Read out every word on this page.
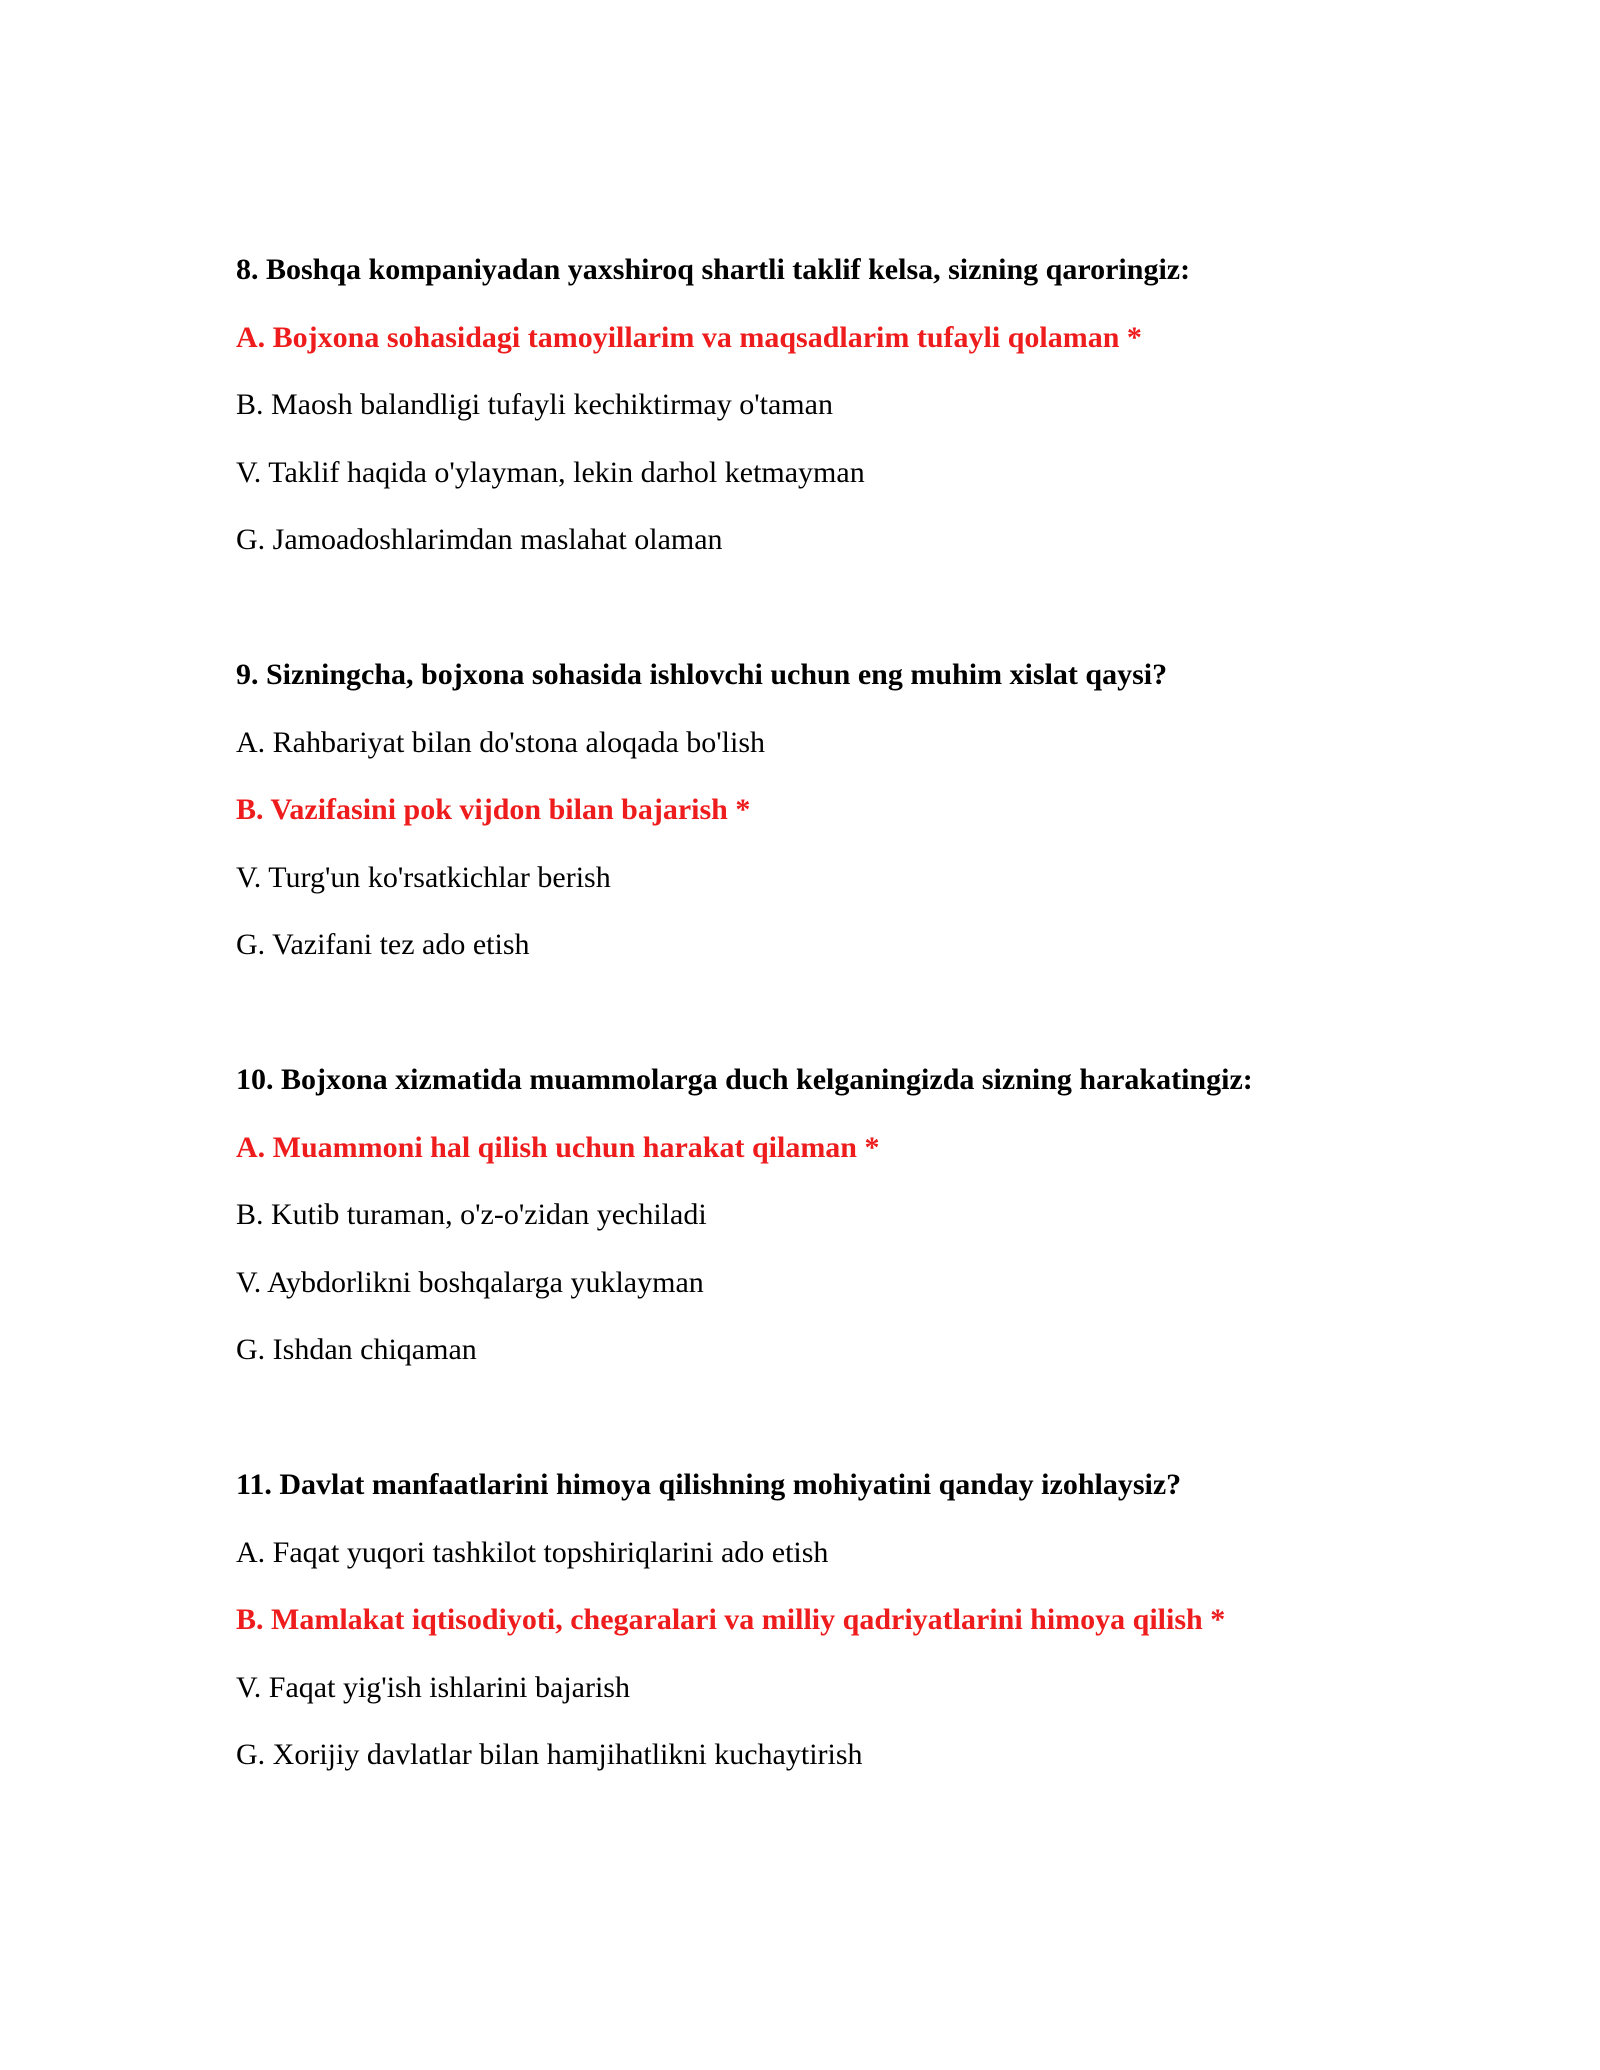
8. Boshqa kompaniyadan yaxshiroq shartli taklif kelsa, sizning qaroringiz:
A. Bojxona sohasidagi tamoyillarim va maqsadlarim tufayli qolaman *
B. Maosh balandligi tufayli kechiktirmay o'taman
V. Taklif haqida o'ylayman, lekin darhol ketmayman
G. Jamoadoshlarimdan maslahat olaman
9. Sizningcha, bojxona sohasida ishlovchi uchun eng muhim xislat qaysi?
A. Rahbariyat bilan do'stona aloqada bo'lish
B. Vazifasini pok vijdon bilan bajarish *
V. Turg'un ko'rsatkichlar berish
G. Vazifani tez ado etish
10. Bojxona xizmatida muammolarga duch kelganingizda sizning harakatingiz:
A. Muammoni hal qilish uchun harakat qilaman *
B. Kutib turaman, o'z-o'zidan yechiladi
V. Aybdorlikni boshqalarga yuklayman
G. Ishdan chiqaman
11. Davlat manfaatlarini himoya qilishning mohiyatini qanday izohlaysiz?
A. Faqat yuqori tashkilot topshiriqlarini ado etish
B. Mamlakat iqtisodiyoti, chegaralari va milliy qadriyatlarini himoya qilish *
V. Faqat yig'ish ishlarini bajarish
G. Xorijiy davlatlar bilan hamjihatlikni kuchaytirish
